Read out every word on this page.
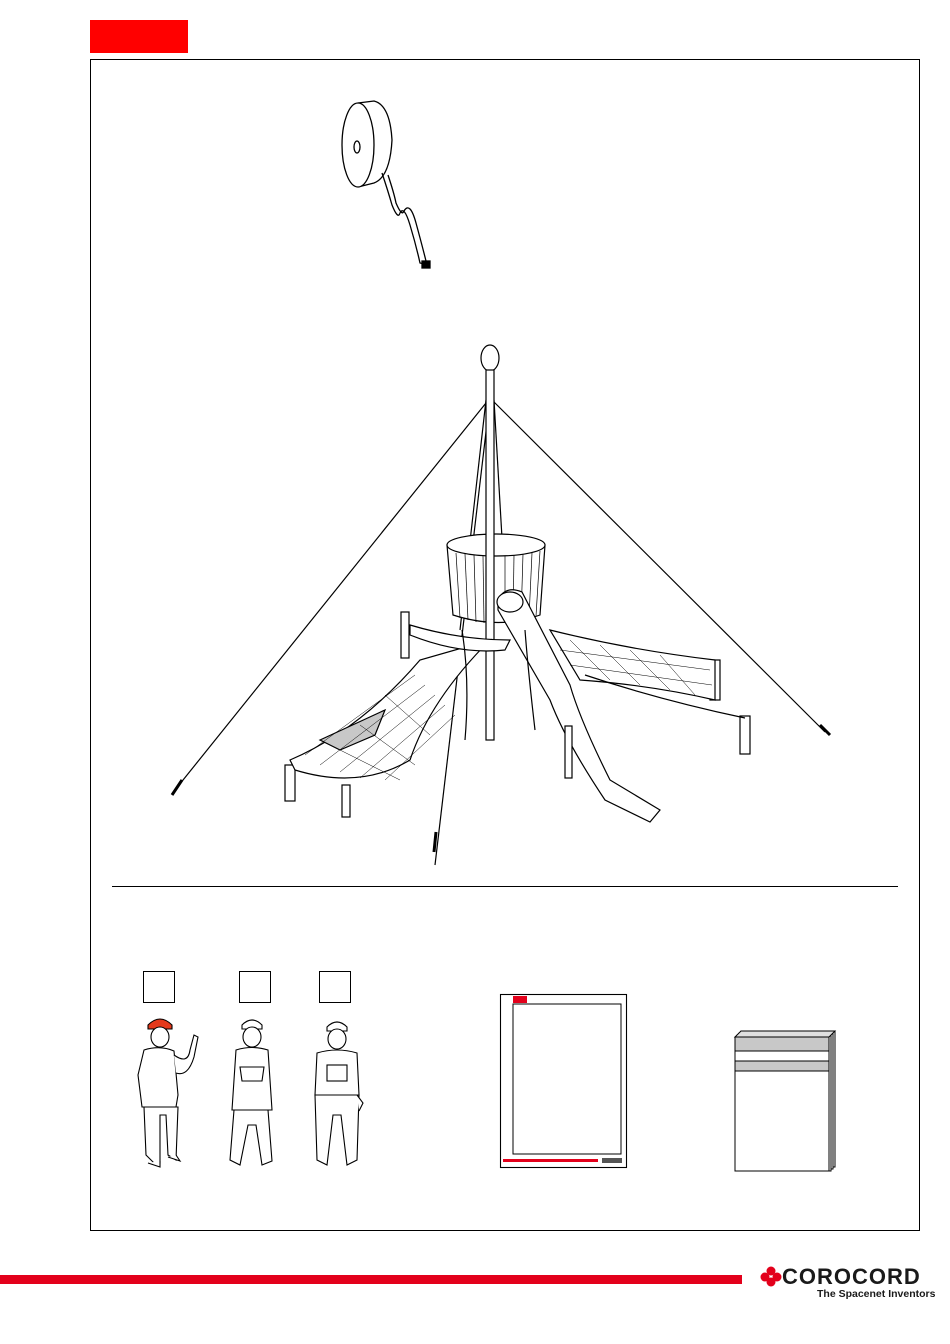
COROCORD
The Spacenet Inventors
